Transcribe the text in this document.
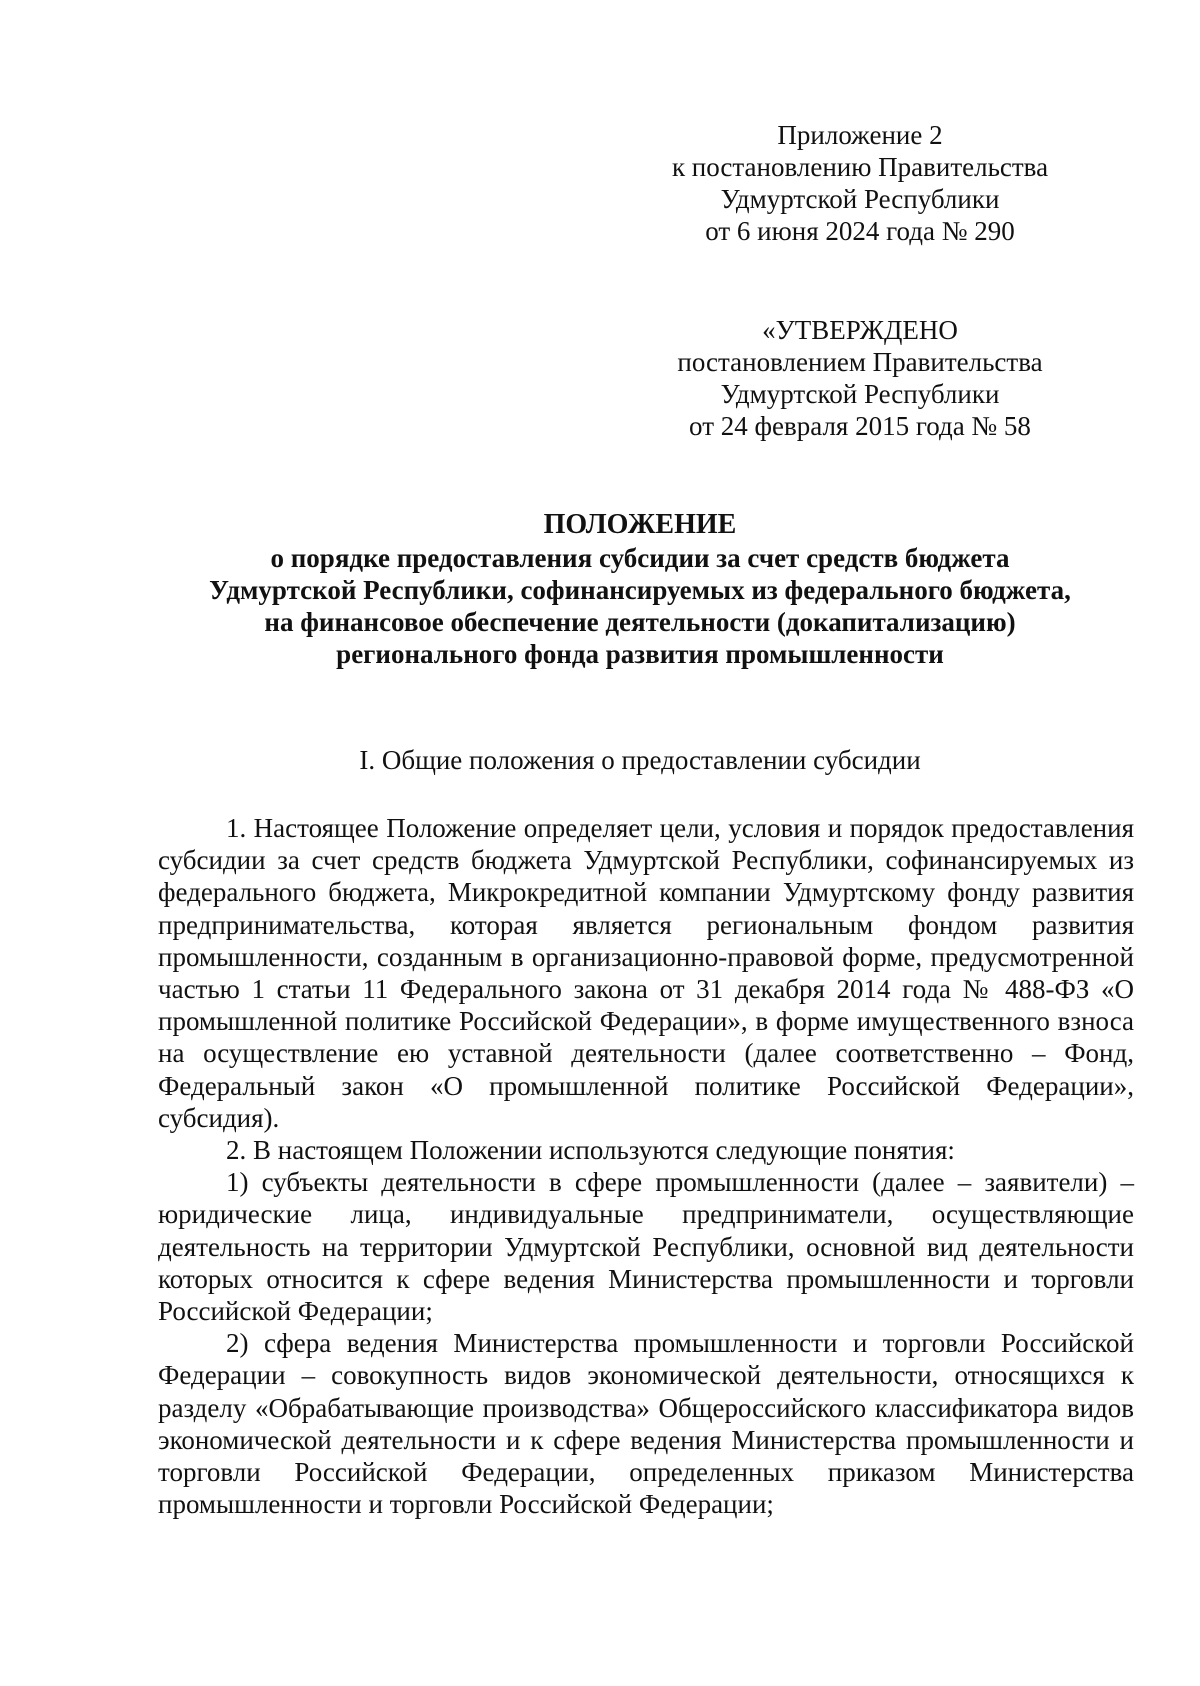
Приложение 2
к постановлению Правительства
Удмуртской Республики
от 6 июня 2024 года № 290
«УТВЕРЖДЕНО
постановлением Правительства
Удмуртской Республики
от 24 февраля 2015 года № 58
ПОЛОЖЕНИЕ
о порядке предоставления субсидии за счет средств бюджета
Удмуртской Республики, софинансируемых из федерального бюджета,
на финансовое обеспечение деятельности (докапитализацию)
регионального фонда развития промышленности
I. Общие положения о предоставлении субсидии

1. Настоящее Положение определяет цели, условия и порядок предоставления субсидии за счет средств бюджета Удмуртской Республики, софинансируемых из федерального бюджета, Микрокредитной компании Удмуртскому фонду развития предпринимательства, которая является региональным фондом развития промышленности, созданным в организационно-правовой форме, предусмотренной частью 1 статьи 11 Федерального закона от 31 декабря 2014 года № 488-ФЗ «О промышленной политике Российской Федерации», в форме имущественного взноса на осуществление ею уставной деятельности (далее соответственно – Фонд, Федеральный закон «О промышленной политике Российской Федерации», субсидия).

2. В настоящем Положении используются следующие понятия:

1) субъекты деятельности в сфере промышленности (далее – заявители) – юридические лица, индивидуальные предприниматели, осуществляющие деятельность на территории Удмуртской Республики, основной вид деятельности которых относится к сфере ведения Министерства промышленности и торговли Российской Федерации;

2) сфера ведения Министерства промышленности и торговли Российской Федерации – совокупность видов экономической деятельности, относящихся к разделу «Обрабатывающие производства» Общероссийского классификатора видов экономической деятельности и к сфере ведения Министерства промышленности и торговли Российской Федерации, определенных приказом Министерства промышленности и торговли Российской Федерации;
